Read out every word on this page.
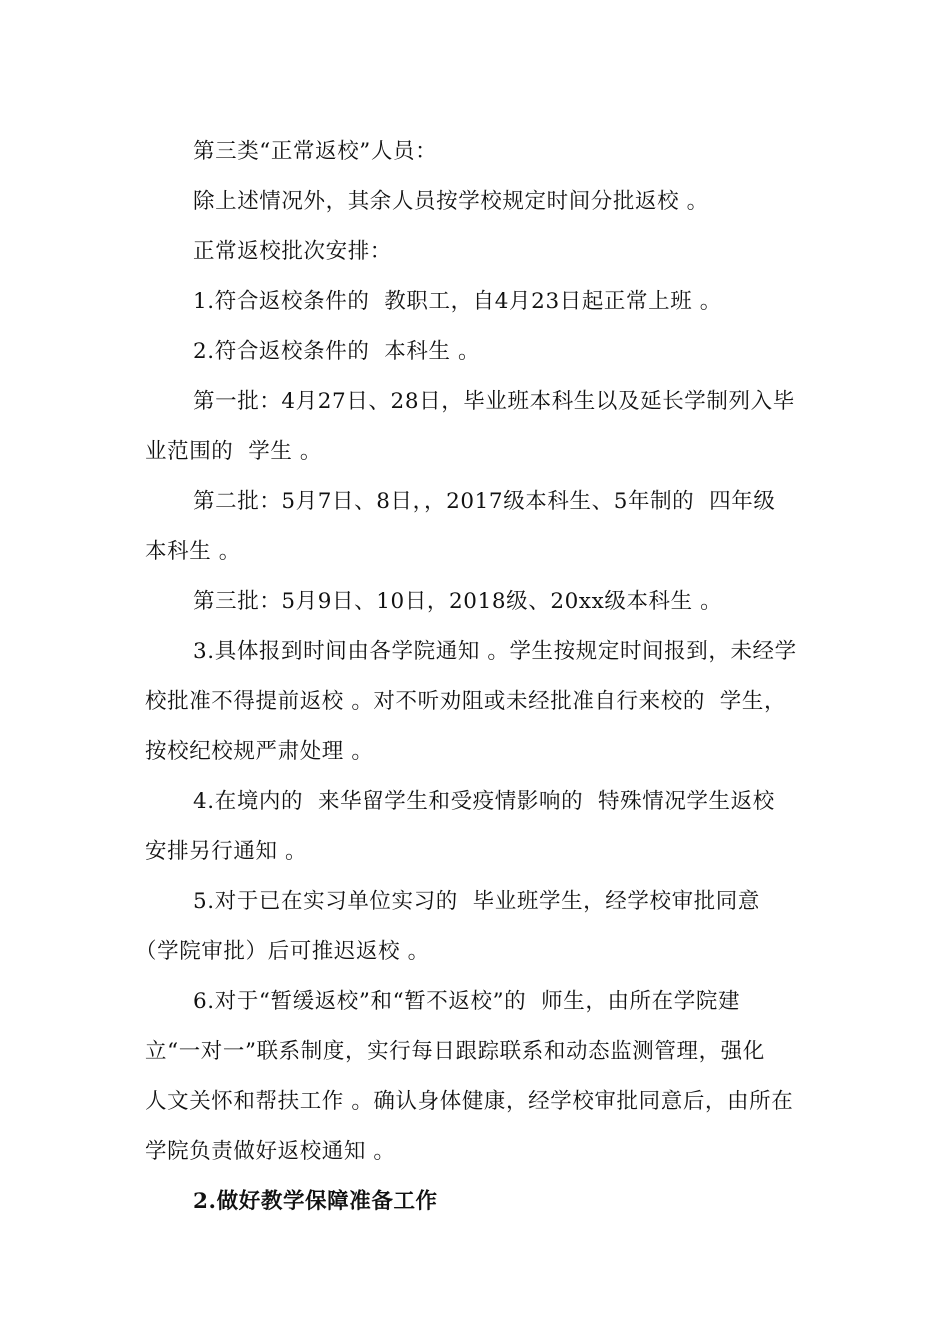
第三类“正常返校”人员：
除上述情况外，其余人员按学校规定时间分批返校 。
正常返校批次安排：
1.符合返校条件的  教职工，自4月23日起正常上班 。
2.符合返校条件的  本科生 。
第一批：4月27日、28日，毕业班本科生以及延长学制列入毕
业范围的  学生 。
第二批：5月7日、8日，，2017级本科生、5年制的  四年级
本科生 。
第三批：5月9日、10日，2018级、20xx级本科生 。
3.具体报到时间由各学院通知 。学生按规定时间报到，未经学
校批准不得提前返校 。对不听劝阻或未经批准自行来校的  学生，
按校纪校规严肃处理 。
4.在境内的  来华留学生和受疫情影响的  特殊情况学生返校
安排另行通知 。
5.对于已在实习单位实习的  毕业班学生，经学校审批同意
（学院审批）后可推迟返校 。
6.对于“暂缓返校”和“暂不返校”的  师生，由所在学院建
立“一对一”联系制度，实行每日跟踪联系和动态监测管理，强化
人文关怀和帮扶工作 。确认身体健康，经学校审批同意后，由所在
学院负责做好返校通知 。
2.做好教学保障准备工作
